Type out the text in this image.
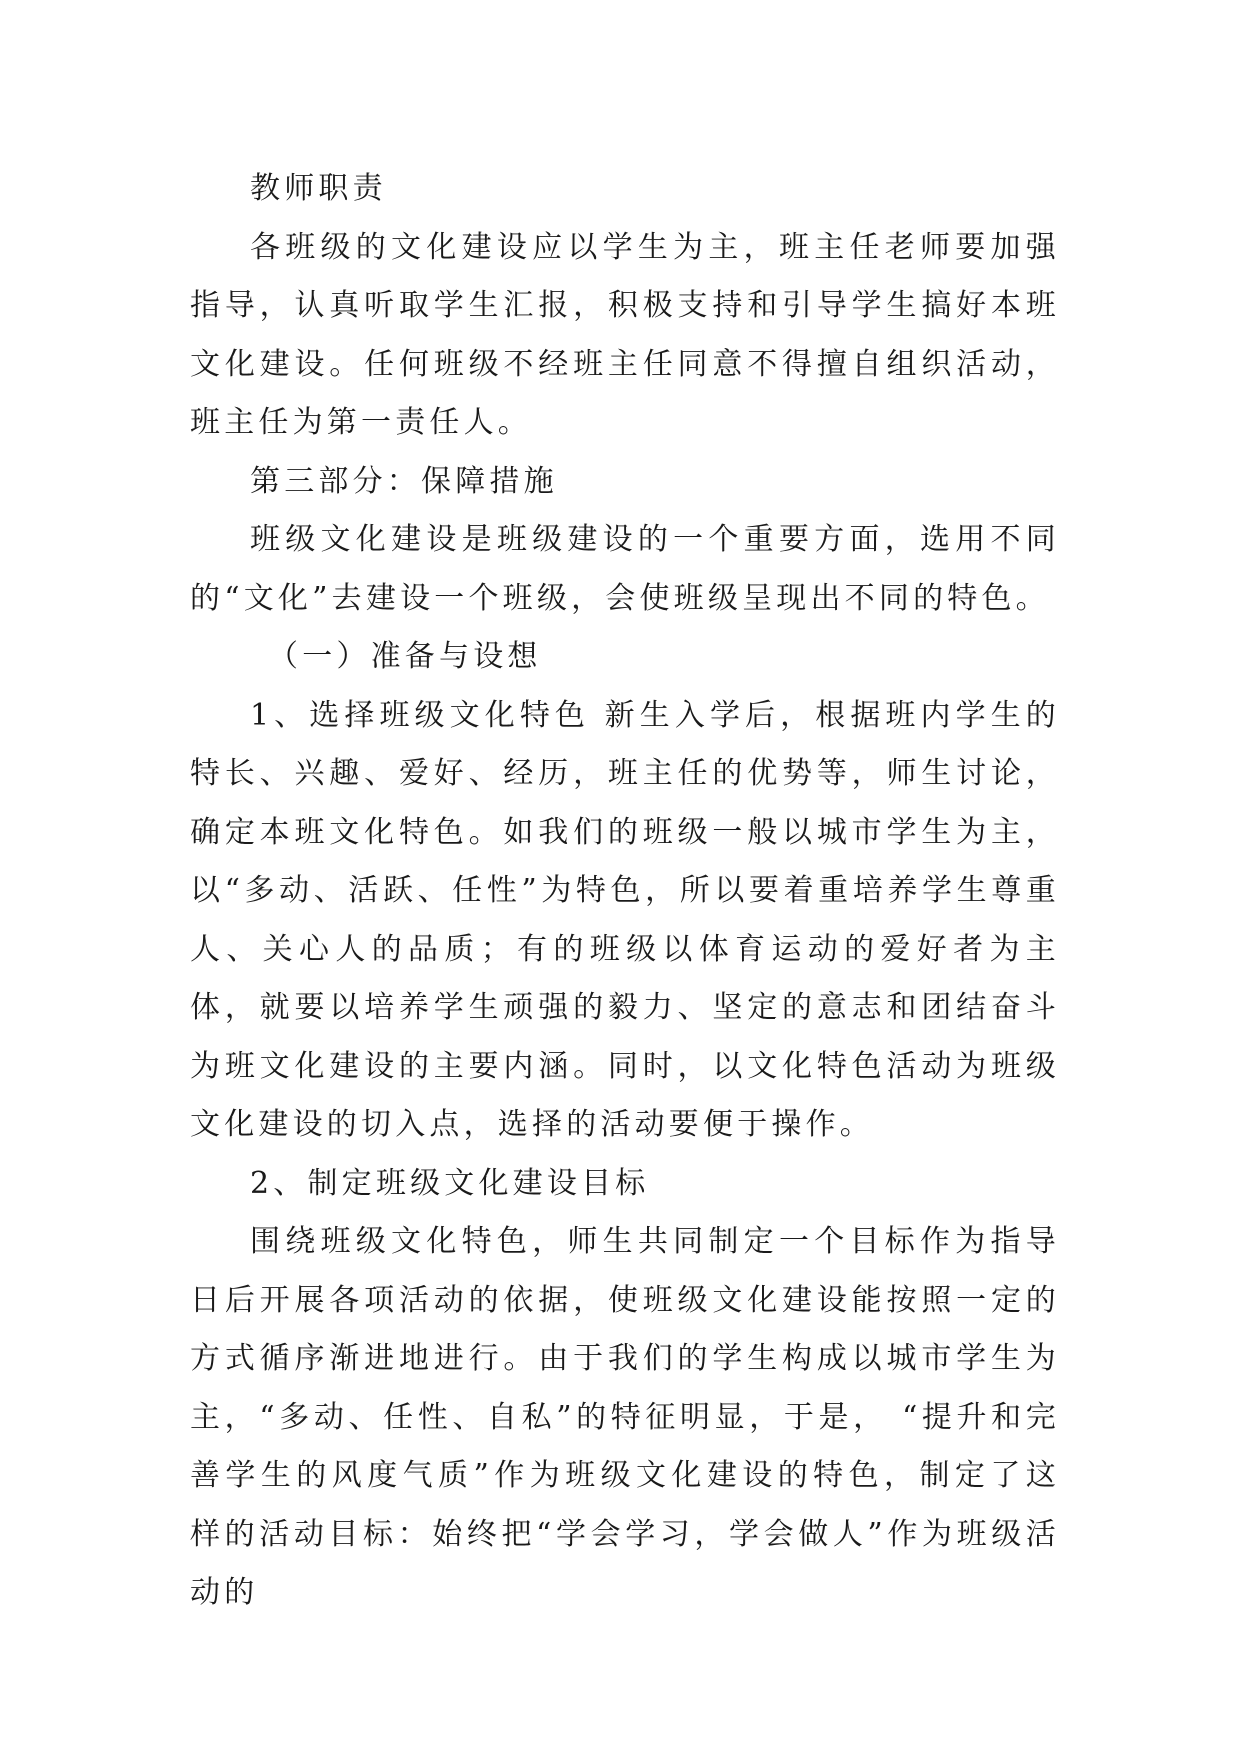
教师职责

各班级的文化建设应以学生为主，班主任老师要加强指导，认真听取学生汇报，积极支持和引导学生搞好本班文化建设。任何班级不经班主任同意不得擅自组织活动，班主任为第一责任人。

第三部分：保障措施

班级文化建设是班级建设的一个重要方面，选用不同的“文化”去建设一个班级，会使班级呈现出不同的特色。

（一）准备与设想

1、选择班级文化特色 新生入学后，根据班内学生的特长、兴趣、爱好、经历，班主任的优势等，师生讨论，确定本班文化特色。如我们的班级一般以城市学生为主，以“多动、活跃、任性”为特色，所以要着重培养学生尊重人、关心人的品质；有的班级以体育运动的爱好者为主体，就要以培养学生顽强的毅力、坚定的意志和团结奋斗为班文化建设的主要内涵。同时，以文化特色活动为班级文化建设的切入点，选择的活动要便于操作。

2、制定班级文化建设目标

围绕班级文化特色，师生共同制定一个目标作为指导日后开展各项活动的依据，使班级文化建设能按照一定的方式循序渐进地进行。由于我们的学生构成以城市学生为主，“多动、任性、自私”的特征明显，于是， “提升和完善学生的风度气质”作为班级文化建设的特色，制定了这样的活动目标：始终把“学会学习，学会做人”作为班级活动的
